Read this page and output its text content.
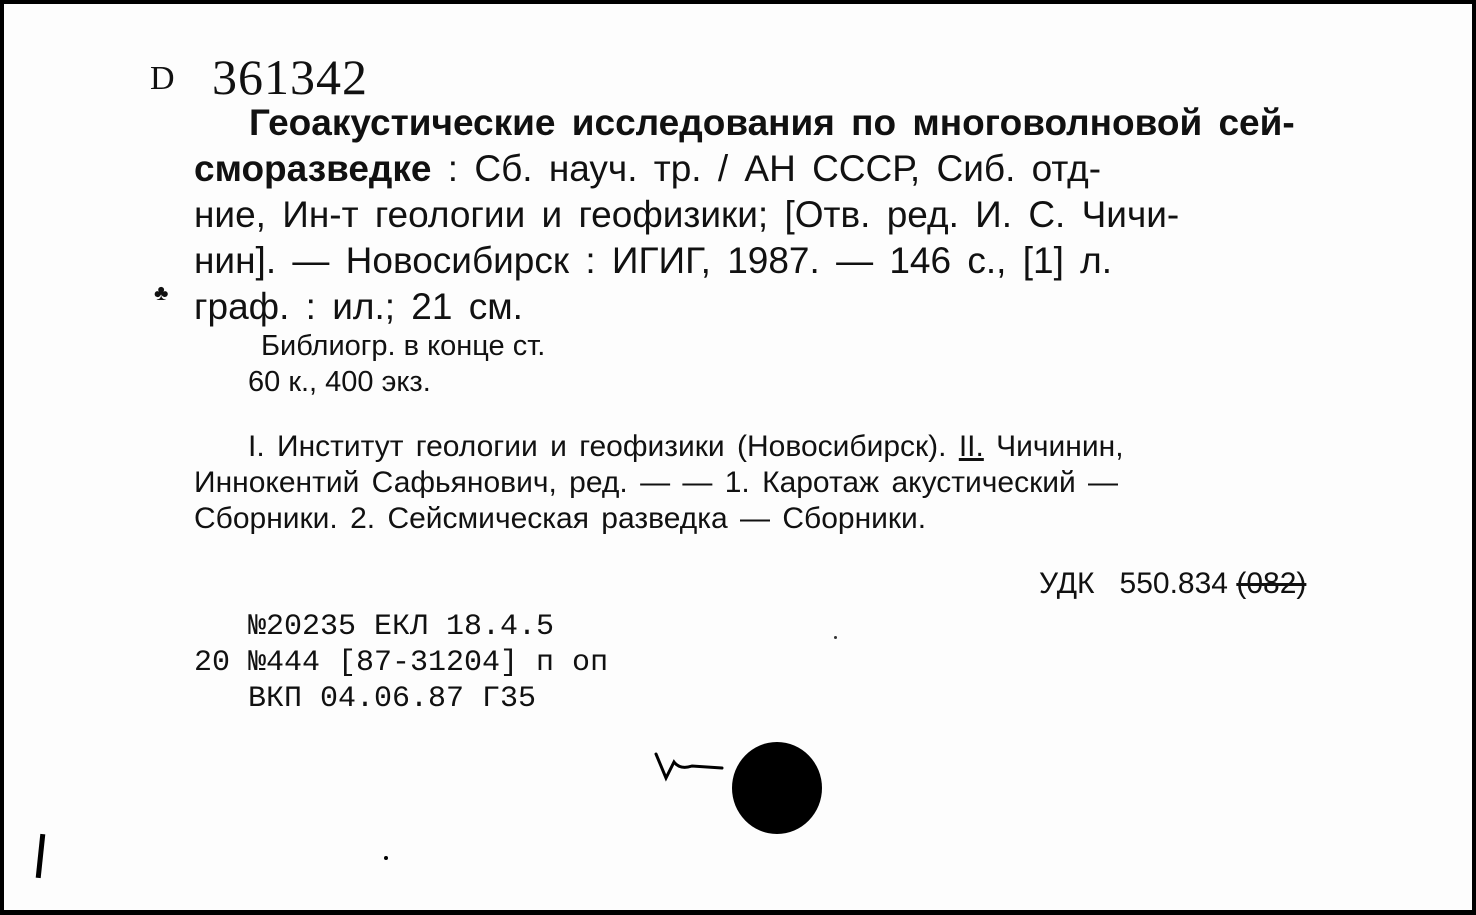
D 361342
Геоакустические исследования по многоволновой сей-
сморазведке : Сб. науч. тр. / АН СССР, Сиб. отд-
ние, Ин-т геологии и геофизики; [Отв. ред. И. С. Чичи-
нин]. — Новосибирск : ИГИГ, 1987. — 146 с., [1] л.
♣ граф. : ил.; 21 см.
Библиогр. в конце ст.
60 к., 400 экз.
I. Институт геологии и геофизики (Новосибирск). II. Чичинин,
Иннокентий Сафьянович, ред. — — 1. Каротаж акустический —
Сборники. 2. Сейсмическая разведка — Сборники.
УДК 550.834 (082)
№20235 ЕКЛ 18.4.5
20 №444 [87-31204] п оп
ВКП 04.06.87 Г35
